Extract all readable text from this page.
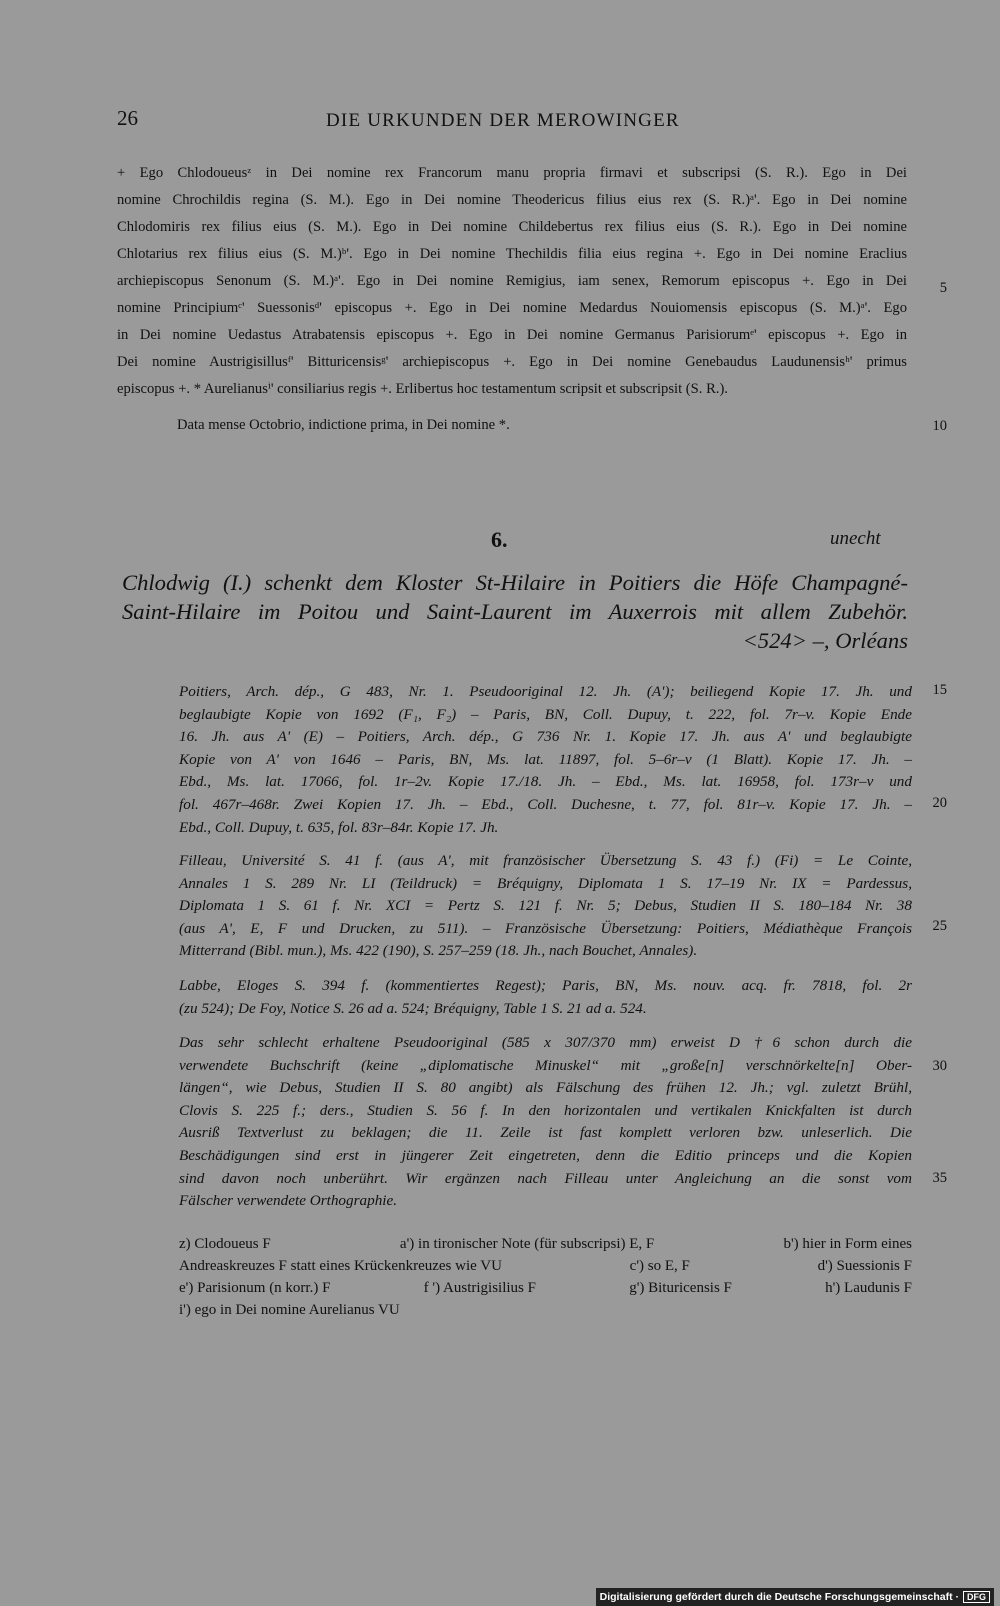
26	DIE URKUNDEN DER MEROWINGER

+ Ego Chlodoueusᶻ in Dei nomine rex Francorum manu propria firmavi et subscripsi (S. R.). Ego in Dei

nomine Chrochildis regina (S. M.). Ego in Dei nomine Theodericus filius eius rex (S. R.)ᵃ'. Ego in Dei nomine

Chlodomiris rex filius eius (S. M.). Ego in Dei nomine Childebertus rex filius eius (S. R.). Ego in Dei nomine

Chlotarius rex filius eius (S. M.)ᵇ'. Ego in Dei nomine Thechildis filia eius regina +. Ego in Dei nomine Eraclius

archiepiscopus Senonum (S. M.)ᵃ'. Ego in Dei nomine Remigius, iam senex, Remorum episcopus +. Ego in Dei

nomine Principiumᶜ' Suessonisᵈ' episcopus +. Ego in Dei nomine Medardus Nouiomensis episcopus (S. M.)ᵃ'. Ego

in Dei nomine Uedastus Atrabatensis episcopus +. Ego in Dei nomine Germanus Parisiorumᵉ' episcopus +. Ego in

Dei nomine Austrigisillusᶠ' Bitturicensisᵍ' archiepiscopus +. Ego in Dei nomine Genebaudus Laudunensisʰ' primus

episcopus +. * Aurelianusⁱ' consiliarius regis +. Erlibertus hoc testamentum scripsit et subscripsit (S. R.).

Data mense Octobrio, indictione prima, in Dei nomine *.
5
10
15
20
25
30
35
6.	unecht
Chlodwig (I.) schenkt dem Kloster St-Hilaire in Poitiers die Höfe Champagné-
Saint-Hilaire im Poitou und Saint-Laurent im Auxerrois mit allem Zubehör.
<524> –, Orléans
Poitiers, Arch. dép., G 483, Nr. 1. Pseudooriginal 12. Jh. (A'); beiliegend Kopie 17. Jh. und
beglaubigte Kopie von 1692 (F₁, F₂) – Paris, BN, Coll. Dupuy, t. 222, fol. 7r–v. Kopie Ende
16. Jh. aus A' (E) – Poitiers, Arch. dép., G 736 Nr. 1. Kopie 17. Jh. aus A' und beglaubigte
Kopie von A' von 1646 – Paris, BN, Ms. lat. 11897, fol. 5–6r–v (1 Blatt). Kopie 17. Jh. –
Ebd., Ms. lat. 17066, fol. 1r–2v. Kopie 17./18. Jh. – Ebd., Ms. lat. 16958, fol. 173r–v und
fol. 467r–468r. Zwei Kopien 17. Jh. – Ebd., Coll. Duchesne, t. 77, fol. 81r–v. Kopie 17. Jh. –
Ebd., Coll. Dupuy, t. 635, fol. 83r–84r. Kopie 17. Jh.
Filleau, Université S. 41 f. (aus A', mit französischer Übersetzung S. 43 f.) (Fi) = Le Cointe,
Annales 1 S. 289 Nr. LI (Teildruck) = Bréquigny, Diplomata 1 S. 17–19 Nr. IX = Pardessus,
Diplomata 1 S. 61 f. Nr. XCI = Pertz S. 121 f. Nr. 5; Debus, Studien II S. 180–184 Nr. 38
(aus A', E, F und Drucken, zu 511). – Französische Übersetzung: Poitiers, Médiathèque François
Mitterrand (Bibl. mun.), Ms. 422 (190), S. 257–259 (18. Jh., nach Bouchet, Annales).
Labbe, Eloges S. 394 f. (kommentiertes Regest); Paris, BN, Ms. nouv. acq. fr. 7818, fol. 2r
(zu 524); De Foy, Notice S. 26 ad a. 524; Bréquigny, Table 1 S. 21 ad a. 524.
Das sehr schlecht erhaltene Pseudooriginal (585 x 307/370 mm) erweist D †6 schon durch die
verwendete Buchschrift (keine „diplomatische Minuskel“ mit „große[n] verschnörkelte[n] Ober-
längen“, wie Debus, Studien II S. 80 angibt) als Fälschung des frühen 12. Jh.; vgl. zuletzt Brühl,
Clovis S. 225 f.; ders., Studien S. 56 f. In den horizontalen und vertikalen Knickfalten ist durch
Ausriß Textverlust zu beklagen; die 11. Zeile ist fast komplett verloren bzw. unleserlich. Die
Beschädigungen sind erst in jüngerer Zeit eingetreten, denn die Editio princeps und die Kopien
sind davon noch unberührt. Wir ergänzen nach Filleau unter Angleichung an die sonst vom
Fälscher verwendete Orthographie.
z) Clodoueus F	a') in tironischer Note (für subscripsi) E, F	b') hier in Form eines
Andreaskreuzes F statt eines Krückenkreuzes wie VU	c') so E, F	d') Suessionis F
e') Parisionum (n korr.) F	f ') Austrigisilius F	g') Bituricensis F	h') Laudunis F
i') ego in Dei nomine Aurelianus VU
Digitalisierung gefördert durch die Deutsche Forschungsgemeinschaft · DFG
